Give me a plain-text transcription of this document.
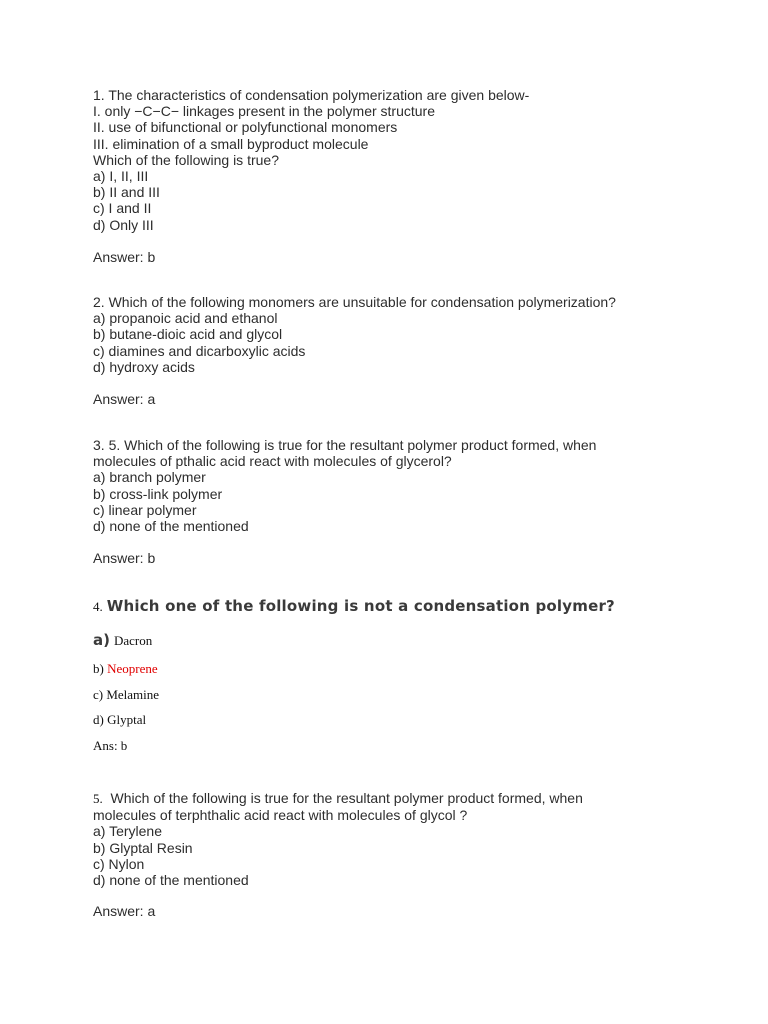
1. The characteristics of condensation polymerization are given below-
I. only −C−C− linkages present in the polymer structure
II. use of bifunctional or polyfunctional monomers
III. elimination of a small byproduct molecule
Which of the following is true?
a) I, II, III
b) II and III
c) I and II
d) Only III
Answer: b
2. Which of the following monomers are unsuitable for condensation polymerization?
a) propanoic acid and ethanol
b) butane-dioic acid and glycol
c) diamines and dicarboxylic acids
d) hydroxy acids
Answer: a
3. 5. Which of the following is true for the resultant polymer product formed, when
molecules of pthalic acid react with molecules of glycerol?
a) branch polymer
b) cross-link polymer
c) linear polymer
d) none of the mentioned
Answer: b
4. Which one of the following is not a condensation polymer?
a) Dacron
b) Neoprene
c) Melamine
d) Glyptal
Ans: b
5.  Which of the following is true for the resultant polymer product formed, when
molecules of terphthalic acid react with molecules of glycol ?
a) Terylene
b) Glyptal Resin
c) Nylon
d) none of the mentioned
Answer: a
